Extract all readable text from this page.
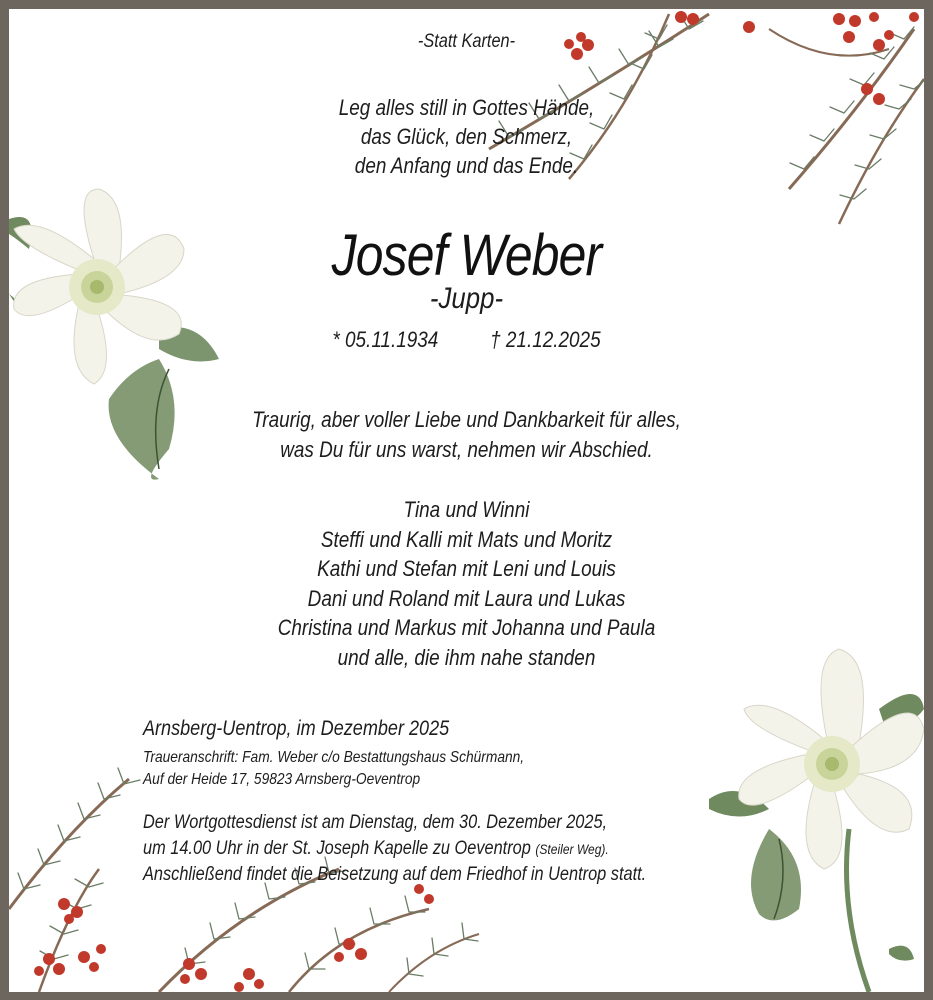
-Statt Karten-
Leg alles still in Gottes Hände,
das Glück, den Schmerz,
den Anfang und das Ende.
Josef Weber
-Jupp-
* 05.11.1934 † 21.12.2025
Traurig, aber voller Liebe und Dankbarkeit für alles,
was Du für uns warst, nehmen wir Abschied.
Tina und Winni
Steffi und Kalli mit Mats und Moritz
Kathi und Stefan mit Leni und Louis
Dani und Roland mit Laura und Lukas
Christina und Markus mit Johanna und Paula
und alle, die ihm nahe standen
Arnsberg-Uentrop, im Dezember 2025
Traueranschrift: Fam. Weber c/o Bestattungshaus Schürmann,
Auf der Heide 17, 59823 Arnsberg-Oeventrop
Der Wortgottesdienst ist am Dienstag, dem 30. Dezember 2025,
um 14.00 Uhr in der St. Joseph Kapelle zu Oeventrop (Steiler Weg).
Anschließend findet die Beisetzung auf dem Friedhof in Uentrop statt.
